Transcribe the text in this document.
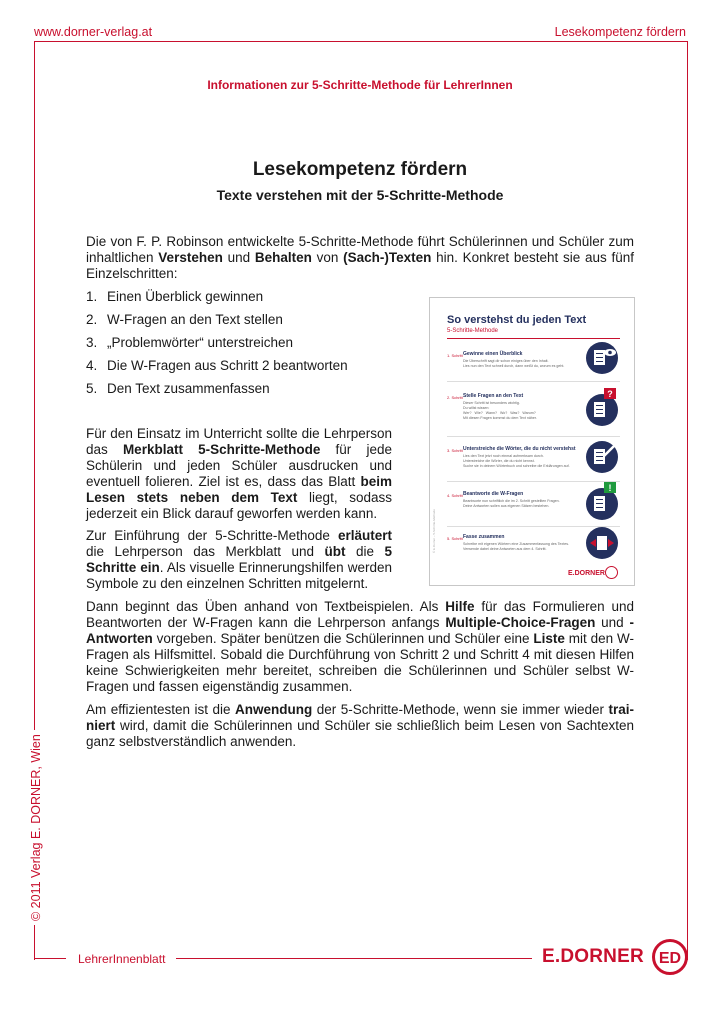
www.dorner-verlag.at	Lesekompetenz fördern
© 2011 Verlag E. DORNER, Wien
Informationen zur 5-Schritte-Methode für LehrerInnen
Lesekompetenz fördern
Texte verstehen mit der 5-Schritte-Methode
Die von F. P. Robinson entwickelte 5-Schritte-Methode führt Schülerinnen und Schüler zum inhaltlichen Verstehen und Behalten von (Sach-)Texten hin. Konkret besteht sie aus fünf Einzelschritten:
1. Einen Überblick gewinnen
2. W-Fragen an den Text stellen
3. „Problemwörter“ unterstreichen
4. Die W-Fragen aus Schritt 2 beantworten
5. Den Text zusammenfassen
Für den Einsatz im Unterricht sollte die Lehrperson das Merkblatt 5-Schritte-Methode für jede Schülerin und jeden Schüler ausdrucken und eventuell folieren. Ziel ist es, dass das Blatt beim Lesen stets neben dem Text liegt, sodass jederzeit ein Blick darauf geworfen werden kann.
Zur Einführung der 5-Schritte-Methode erläutert die Lehrperson das Merkblatt und übt die 5 Schritte ein. Als visuelle Erinnerungshilfen werden Symbole zu den einzelnen Schritten mitgelernt.
Dann beginnt das Üben anhand von Textbeispielen. Als Hilfe für das Formulieren und Beantworten der W-Fragen kann die Lehrperson anfangs Multiple-Choice-Fragen und -Antworten vorgeben. Später benützen die Schülerinnen und Schüler eine Liste mit den W-Fragen als Hilfsmittel. Sobald die Durchführung von Schritt 2 und Schritt 4 mit diesen Hilfen keine Schwierigkeiten mehr bereitet, schreiben die Schülerinnen und Schüler selbst W-Fragen und fassen eigenständig zusammen.
Am effizientesten ist die Anwendung der 5-Schritte-Methode, wenn sie immer wieder trainiert wird, damit die Schülerinnen und Schüler sie schließlich beim Lesen von Sachtexten ganz selbstverständlich anwenden.
So verstehst du jeden Text
5-Schritte-Methode
1. Schritt Gewinne einen Überblick
Die Überschrift sagt dir schon einiges über den Inhalt.
Lies nun den Text schnell durch, dann weißt du, worum es geht.
2. Schritt Stelle Fragen an den Text
Dieser Schritt ist besonders wichtig.
Du willst wissen:
Wer?   Wie?   Wann?   Wo?   Was?   Warum?
Mit diesen Fragen kommst du dem Text näher.
?
3. Schritt Unterstreiche die Wörter, die du nicht verstehst
Lies den Text jetzt noch einmal aufmerksam durch.
Unterstreiche die Wörter, die du nicht kennst.
Suche sie in deinem Wörterbuch und schreibe die Erklärungen auf.
4. Schritt Beantworte die W-Fragen
Beantworte nun schriftlich die im 2. Schritt gestellten Fragen.
Deine Antworten sollen aus eigenen Sätzen bestehen.
!
5. Schritt Fasse zusammen
Schreibe mit eigenen Wörtern eine Zusammenfassung des Textes.
Verwende dabei deine Antworten aus dem 4. Schritt.
E.DORNER
© E.Dorner – 5-Schritte-Methode
LehrerInnenblatt	E.DORNER ED
